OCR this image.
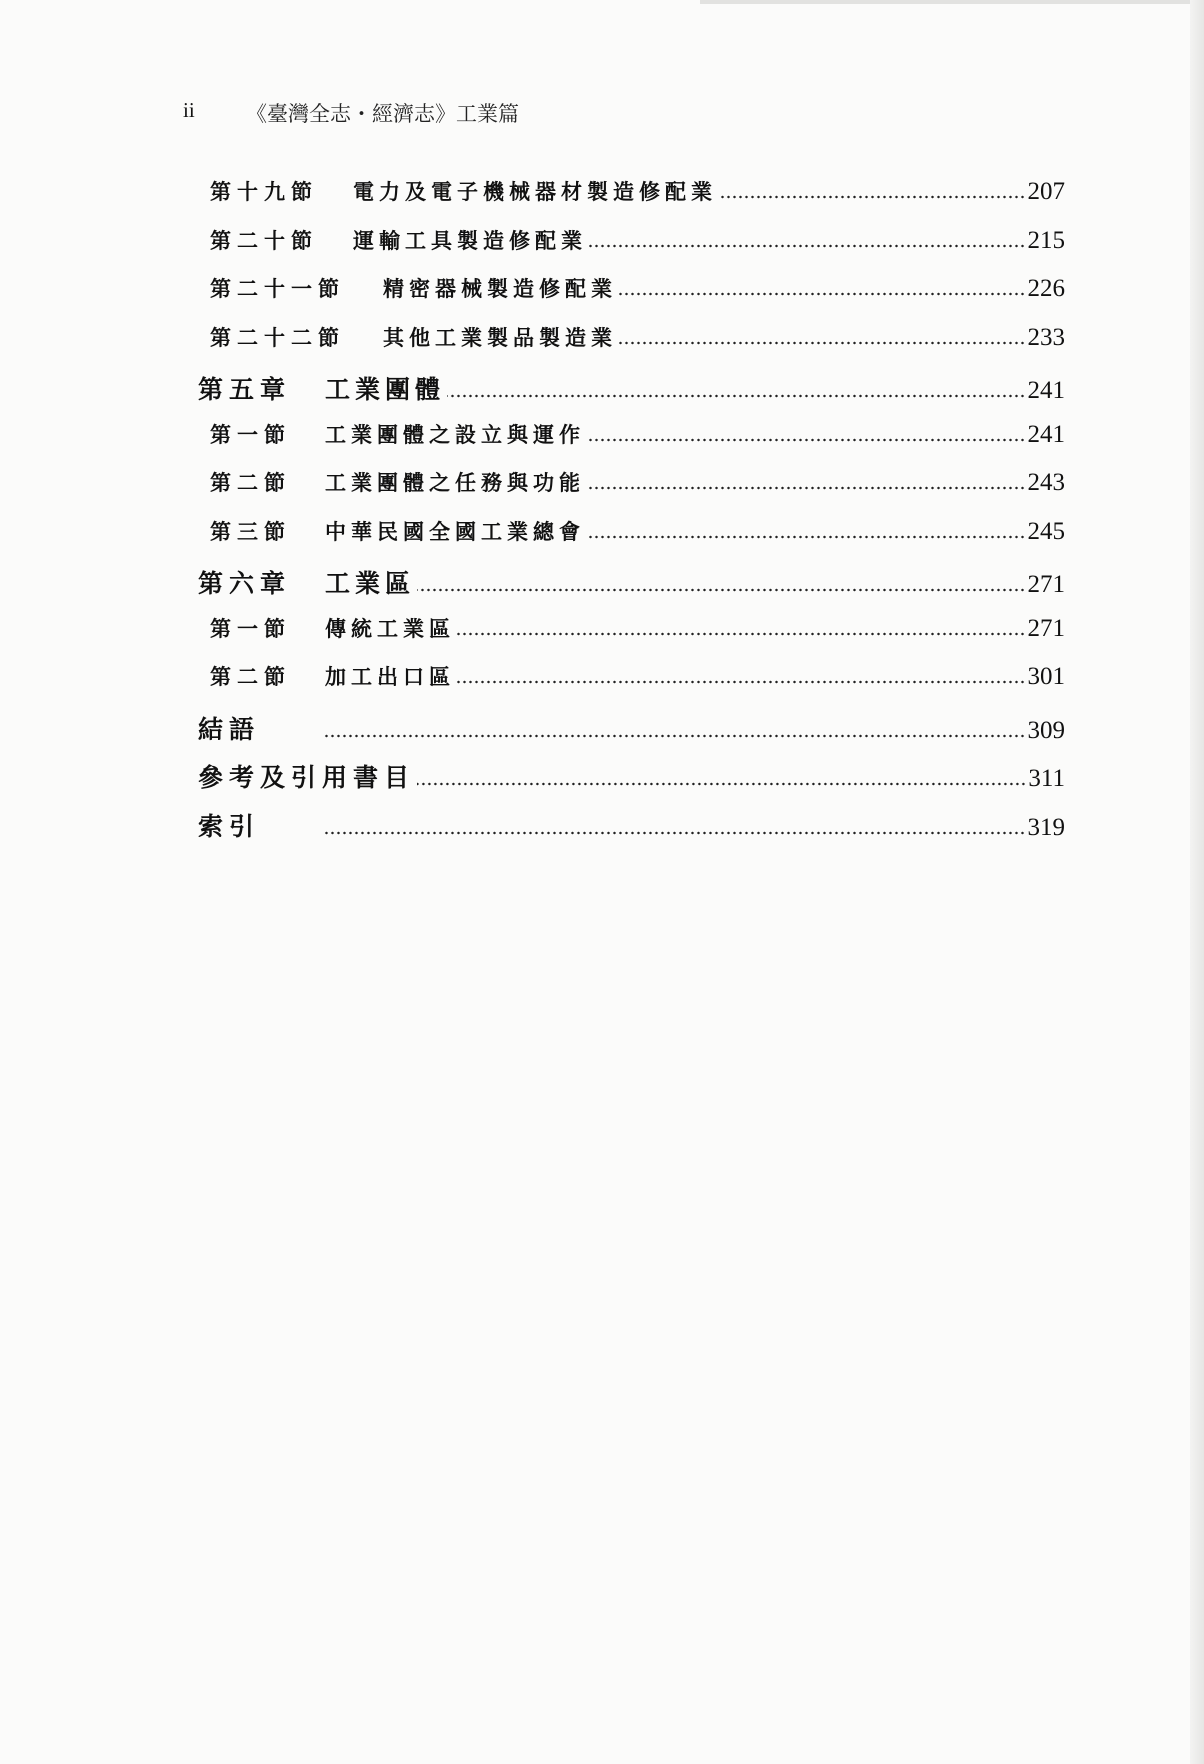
ii 《臺灣全志・經濟志》工業篇
第十九節 電力及電子機械器材製造修配業	207
第二十節 運輸工具製造修配業	215
第二十一節 精密器械製造修配業	226
第二十二節 其他工業製品製造業	233
第五章 工業團體	241
第一節 工業團體之設立與運作	241
第二節 工業團體之任務與功能	243
第三節 中華民國全國工業總會	245
第六章 工業區	271
第一節 傳統工業區	271
第二節 加工出口區	301
結語	309
參考及引用書目	311
索引	319
